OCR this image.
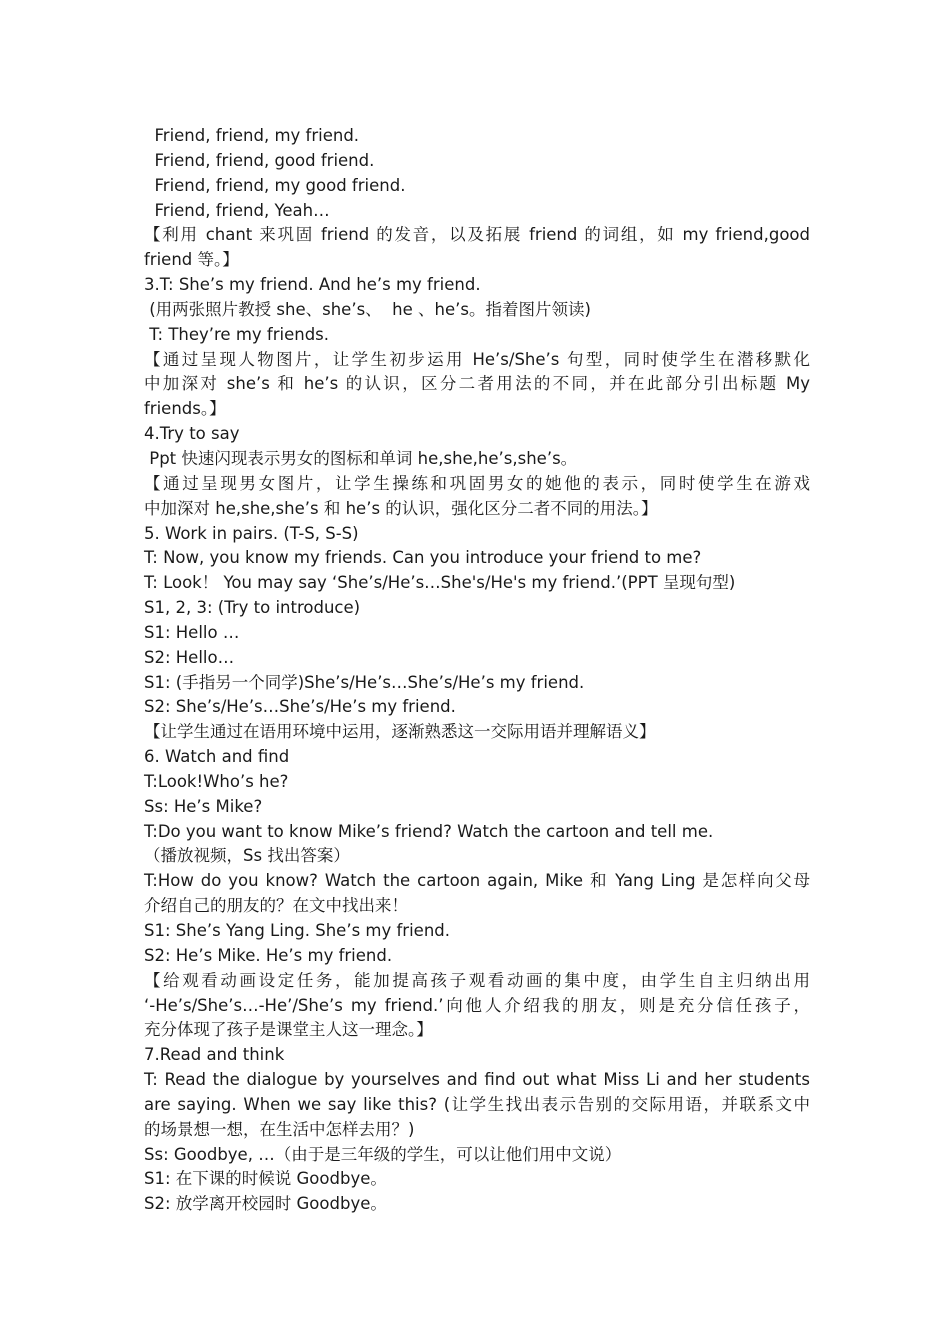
Friend, friend, my friend.
Friend, friend, good friend.
Friend, friend, my good friend.
Friend, friend, Yeah…
【利用 chant 来巩固 friend 的发音，以及拓展 friend 的词组，如 my friend,good
friend 等。】
3.T: She’s my friend. And he’s my friend.
(用两张照片教授 she、she’s、  he 、he’s。指着图片领读)
T: They’re my friends.
【通过呈现人物图片，让学生初步运用 He’s/She’s 句型，同时使学生在潜移默化
中加深对 she’s 和 he’s 的认识，区分二者用法的不同，并在此部分引出标题 My
friends。】
4.Try to say
Ppt 快速闪现表示男女的图标和单词 he,she,he’s,she’s。
【通过呈现男女图片，让学生操练和巩固男女的她他的表示，同时使学生在游戏
中加深对 he,she,she’s 和 he’s 的认识，强化区分二者不同的用法。】
5. Work in pairs. (T-S, S-S)
T: Now, you know my friends. Can you introduce your friend to me?
T: Look！ You may say ‘She’s/He’s…She's/He's my friend.’(PPT 呈现句型)
S1, 2, 3: (Try to introduce)
S1: Hello …
S2: Hello…
S1: (手指另一个同学)She’s/He’s…She’s/He’s my friend.
S2: She’s/He’s…She’s/He’s my friend.
【让学生通过在语用环境中运用，逐渐熟悉这一交际用语并理解语义】
6. Watch and find
T:Look!Who’s he?
Ss: He’s Mike?
T:Do you want to know Mike’s friend? Watch the cartoon and tell me.
（播放视频，Ss 找出答案）
T:How do you know? Watch the cartoon again, Mike 和 Yang Ling 是怎样向父母
介绍自己的朋友的？在文中找出来！
S1: She’s Yang Ling. She’s my friend.
S2: He’s Mike. He’s my friend.
【给观看动画设定任务，能加提高孩子观看动画的集中度，由学生自主归纳出用
‘-He’s/She’s…-He’/She’s my friend.’向他人介绍我的朋友，则是充分信任孩子，
充分体现了孩子是课堂主人这一理念。】
7.Read and think
T: Read the dialogue by yourselves and find out what Miss Li and her students
are saying. When we say like this? (让学生找出表示告别的交际用语，并联系文中
的场景想一想，在生活中怎样去用？)
Ss: Goodbye, …（由于是三年级的学生，可以让他们用中文说）
S1: 在下课的时候说 Goodbye。
S2: 放学离开校园时 Goodbye。
